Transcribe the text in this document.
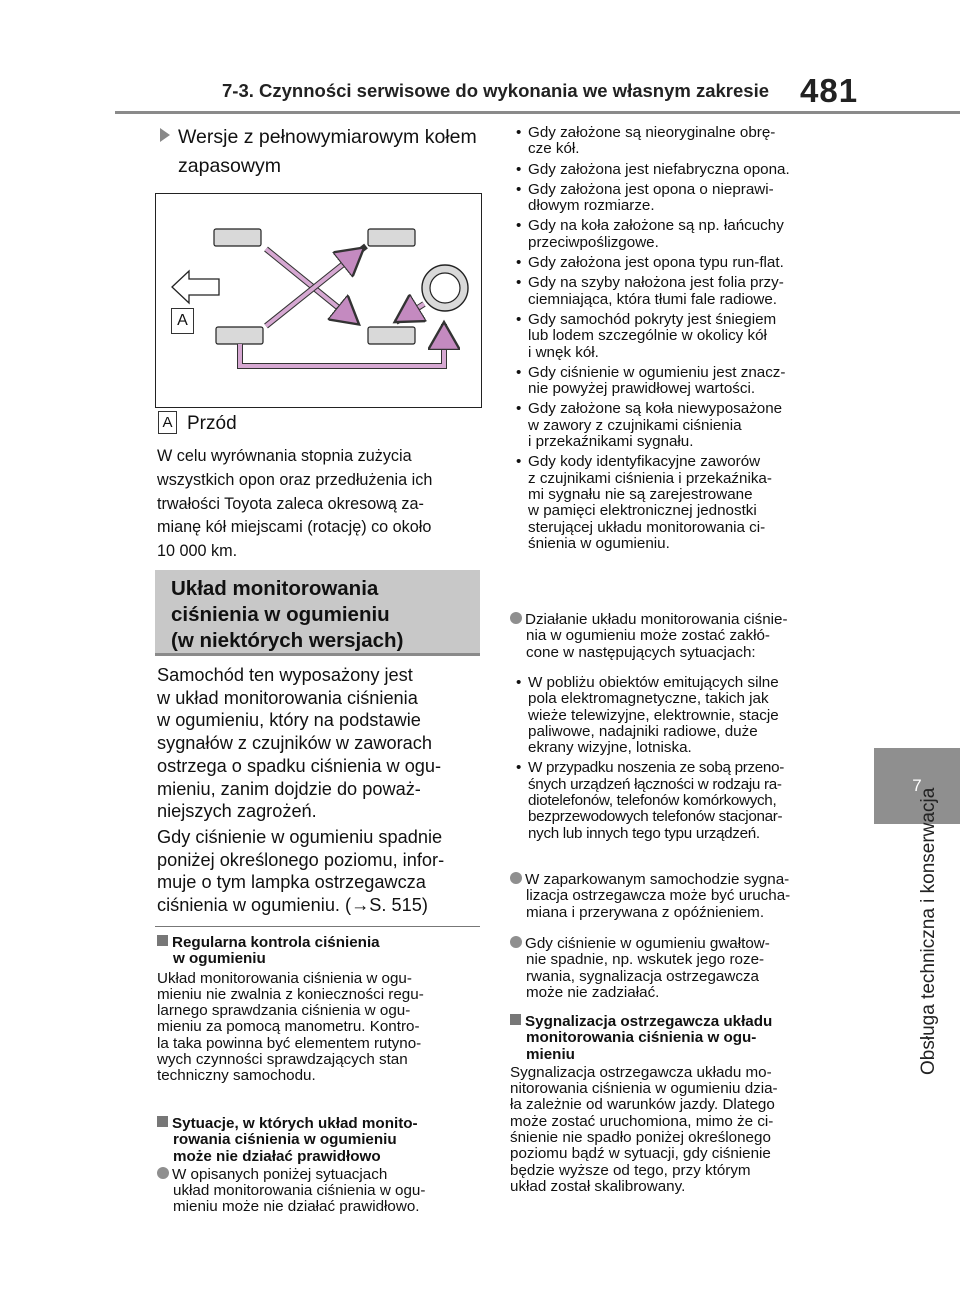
7-3. Czynności serwisowe do wykonania we własnym zakresie 481
7
Obsługa techniczna i konserwacja
Wersje z pełnowymiarowym kołem
zapasowym
A
A Przód
W celu wyrównania stopnia zużycia
wszystkich opon oraz przedłużenia ich
trwałości Toyota zaleca okresową za-
mianę kół miejscami (rotację) co około
10 000 km.
Układ monitorowania
ciśnienia w ogumieniu
(w niektórych wersjach)
Samochód ten wyposażony jest
w układ monitorowania ciśnienia
w ogumieniu, który na podstawie
sygnałów z czujników w zaworach
ostrzega o spadku ciśnienia w ogu-
mieniu, zanim dojdzie do poważ-
niejszych zagrożeń.
Gdy ciśnienie w ogumieniu spadnie
poniżej określonego poziomu, infor-
muje o tym lampka ostrzegawcza
ciśnienia w ogumieniu. (→S. 515)
Regularna kontrola ciśnienia
w ogumieniu
Układ monitorowania ciśnienia w ogu-
mieniu nie zwalnia z konieczności regu-
larnego sprawdzania ciśnienia w ogu-
mieniu za pomocą manometru. Kontro-
la taka powinna być elementem rutyno-
wych czynności sprawdzających stan
techniczny samochodu.
Sytuacje, w których układ monito-
rowania ciśnienia w ogumieniu
może nie działać prawidłowo
W opisanych poniżej sytuacjach
układ monitorowania ciśnienia w ogu-
mieniu może nie działać prawidłowo.
• Gdy założone są nieoryginalne obrę-
cze kół.
• Gdy założona jest niefabryczna opona.
• Gdy założona jest opona o nieprawi-
dłowym rozmiarze.
• Gdy na koła założone są np. łańcuchy
przeciwpoślizgowe.
• Gdy założona jest opona typu run-flat.
• Gdy na szyby nałożona jest folia przy-
ciemniająca, która tłumi fale radiowe.
• Gdy samochód pokryty jest śniegiem
lub lodem szczególnie w okolicy kół
i wnęk kół.
• Gdy ciśnienie w ogumieniu jest znacz-
nie powyżej prawidłowej wartości.
• Gdy założone są koła niewyposażone
w zawory z czujnikami ciśnienia
i przekaźnikami sygnału.
• Gdy kody identyfikacyjne zaworów
z czujnikami ciśnienia i przekaźnika-
mi sygnału nie są zarejestrowane
w pamięci elektronicznej jednostki
sterującej układu monitorowania ci-
śnienia w ogumieniu.
Działanie układu monitorowania ciśnie-
nia w ogumieniu może zostać zakłó-
cone w następujących sytuacjach:
• W pobliżu obiektów emitujących silne
pola elektromagnetyczne, takich jak
wieże telewizyjne, elektrownie, stacje
paliwowe, nadajniki radiowe, duże
ekrany wizyjne, lotniska.
• W przypadku noszenia ze sobą przeno-
śnych urządzeń łączności w rodzaju ra-
diotelefonów, telefonów komórkowych,
bezprzewodowych telefonów stacjonar-
nych lub innych tego typu urządzeń.
W zaparkowanym samochodzie sygna-
lizacja ostrzegawcza może być urucha-
miana i przerywana z opóźnieniem.
Gdy ciśnienie w ogumieniu gwałtow-
nie spadnie, np. wskutek jego roze-
rwania, sygnalizacja ostrzegawcza
może nie zadziałać.
Sygnalizacja ostrzegawcza układu
monitorowania ciśnienia w ogu-
mieniu
Sygnalizacja ostrzegawcza układu mo-
nitorowania ciśnienia w ogumieniu dzia-
ła zależnie od warunków jazdy. Dlatego
może zostać uruchomiona, mimo że ci-
śnienie nie spadło poniżej określonego
poziomu bądź w sytuacji, gdy ciśnienie
będzie wyższe od tego, przy którym
układ został skalibrowany.
